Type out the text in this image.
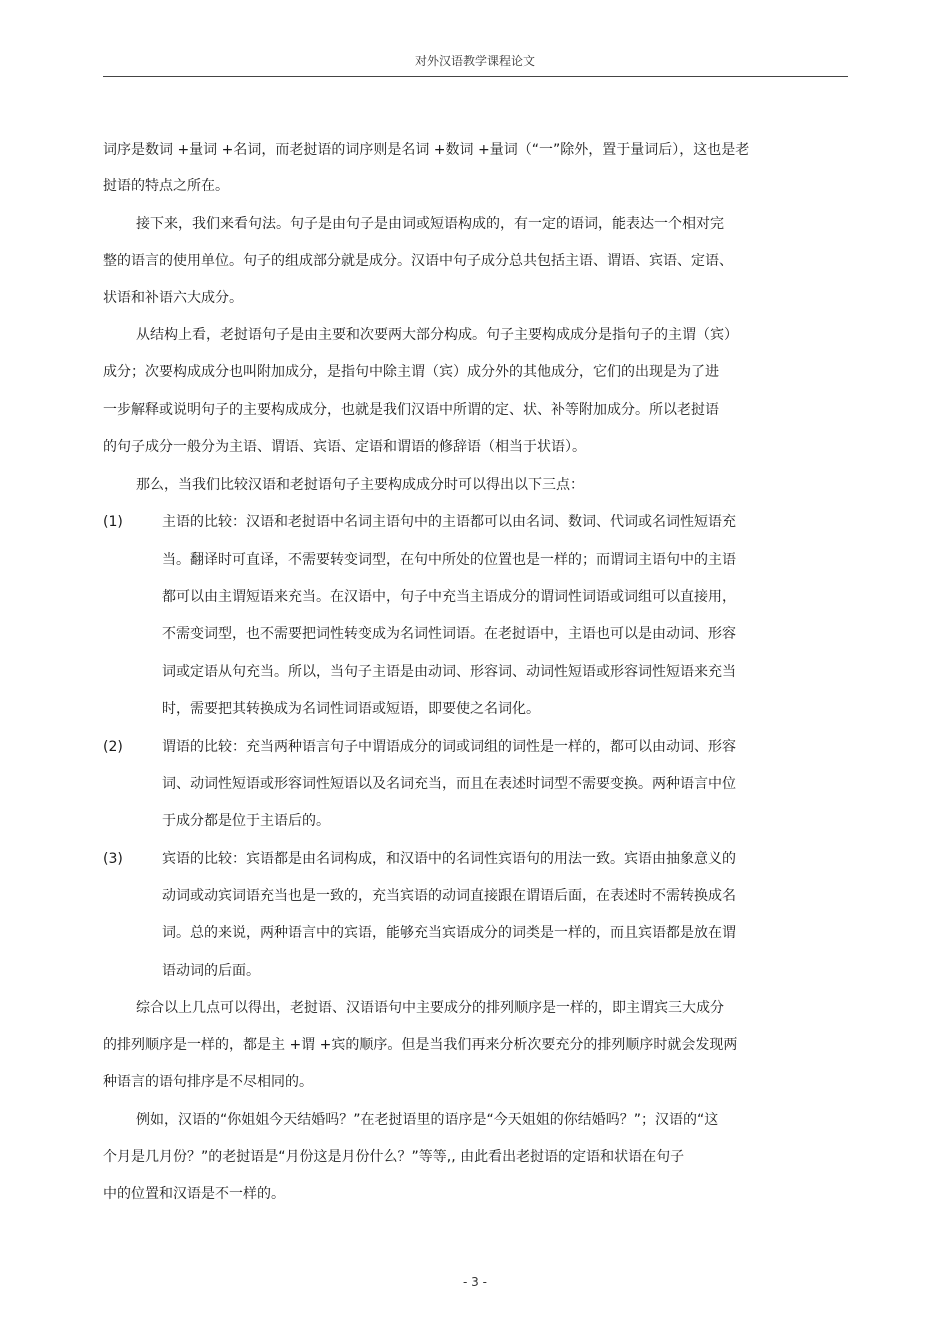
对外汉语教学课程论文
词序是数词 +量词 +名词，而老挝语的词序则是名词 +数词 +量词（“一”除外，置于量词后），这也是老
挝语的特点之所在。
接下来，我们来看句法。句子是由句子是由词或短语构成的，有一定的语词，能表达一个相对完
整的语言的使用单位。句子的组成部分就是成分。汉语中句子成分总共包括主语、谓语、宾语、定语、
状语和补语六大成分。
从结构上看，老挝语句子是由主要和次要两大部分构成。句子主要构成成分是指句子的主谓（宾）
成分；次要构成成分也叫附加成分，是指句中除主谓（宾）成分外的其他成分，它们的出现是为了进
一步解释或说明句子的主要构成成分，也就是我们汉语中所谓的定、状、补等附加成分。所以老挝语
的句子成分一般分为主语、谓语、宾语、定语和谓语的修辞语（相当于状语）。
那么，当我们比较汉语和老挝语句子主要构成成分时可以得出以下三点：
(1)	主语的比较：汉语和老挝语中名词主语句中的主语都可以由名词、数词、代词或名词性短语充
当。翻译时可直译，不需要转变词型，在句中所处的位置也是一样的；而谓词主语句中的主语
都可以由主谓短语来充当。在汉语中，句子中充当主语成分的谓词性词语或词组可以直接用，
不需变词型，也不需要把词性转变成为名词性词语。在老挝语中，主语也可以是由动词、形容
词或定语从句充当。所以，当句子主语是由动词、形容词、动词性短语或形容词性短语来充当
时，需要把其转换成为名词性词语或短语，即要使之名词化。
(2)	谓语的比较：充当两种语言句子中谓语成分的词或词组的词性是一样的，都可以由动词、形容
词、动词性短语或形容词性短语以及名词充当，而且在表述时词型不需要变换。两种语言中位
于成分都是位于主语后的。
(3)	宾语的比较：宾语都是由名词构成，和汉语中的名词性宾语句的用法一致。宾语由抽象意义的
动词或动宾词语充当也是一致的，充当宾语的动词直接跟在谓语后面，在表述时不需转换成名
词。总的来说，两种语言中的宾语，能够充当宾语成分的词类是一样的，而且宾语都是放在谓
语动词的后面。
综合以上几点可以得出，老挝语、汉语语句中主要成分的排列顺序是一样的，即主谓宾三大成分
的排列顺序是一样的，都是主 +谓 +宾的顺序。但是当我们再来分析次要充分的排列顺序时就会发现两
种语言的语句排序是不尽相同的。
例如，汉语的“你姐姐今天结婚吗？”在老挝语里的语序是“今天姐姐的你结婚吗？”；汉语的“这
个月是几月份？”的老挝语是“月份这是月份什么？”等等,, 由此看出老挝语的定语和状语在句子
中的位置和汉语是不一样的。
- 3 -
